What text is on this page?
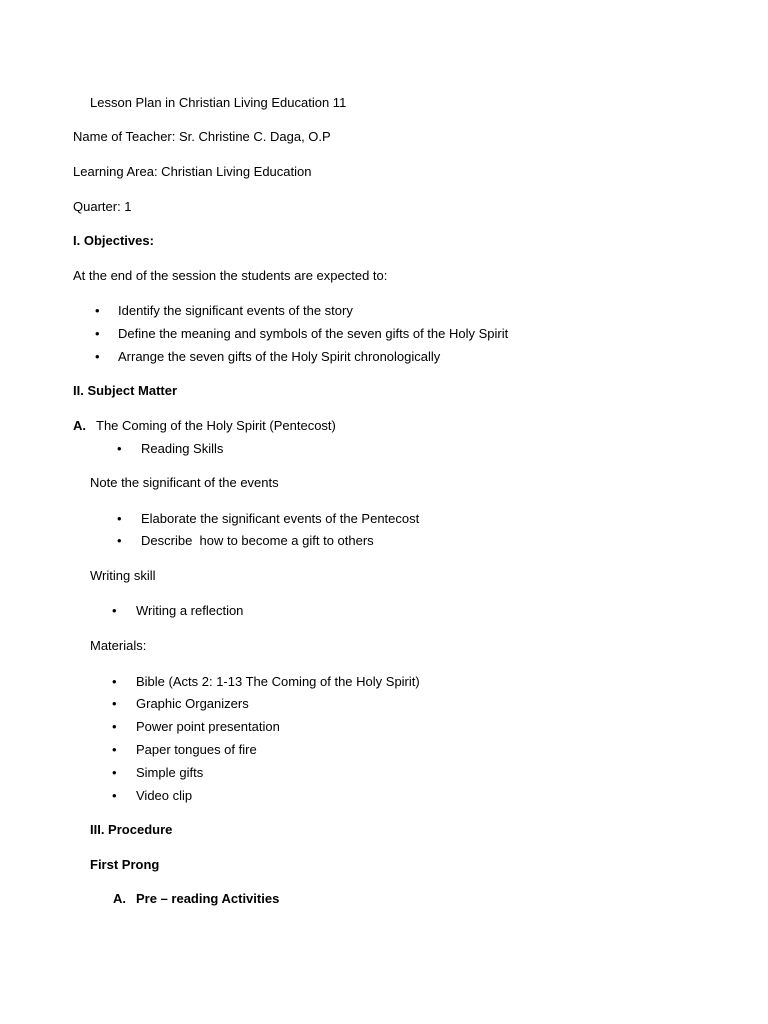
Lesson Plan in Christian Living Education 11
Name of Teacher: Sr. Christine C. Daga, O.P
Learning Area: Christian Living Education
Quarter: 1
I. Objectives:
At the end of the session the students are expected to:
• Identify the significant events of the story
• Define the meaning and symbols of the seven gifts of the Holy Spirit
• Arrange the seven gifts of the Holy Spirit chronologically
II. Subject Matter
A. The Coming of the Holy Spirit (Pentecost)
• Reading Skills
Note the significant of the events
• Elaborate the significant events of the Pentecost
• Describe  how to become a gift to others
Writing skill
• Writing a reflection
Materials:
• Bible (Acts 2: 1-13 The Coming of the Holy Spirit)
• Graphic Organizers
• Power point presentation
• Paper tongues of fire
• Simple gifts
• Video clip
III. Procedure
First Prong
A. Pre – reading Activities
